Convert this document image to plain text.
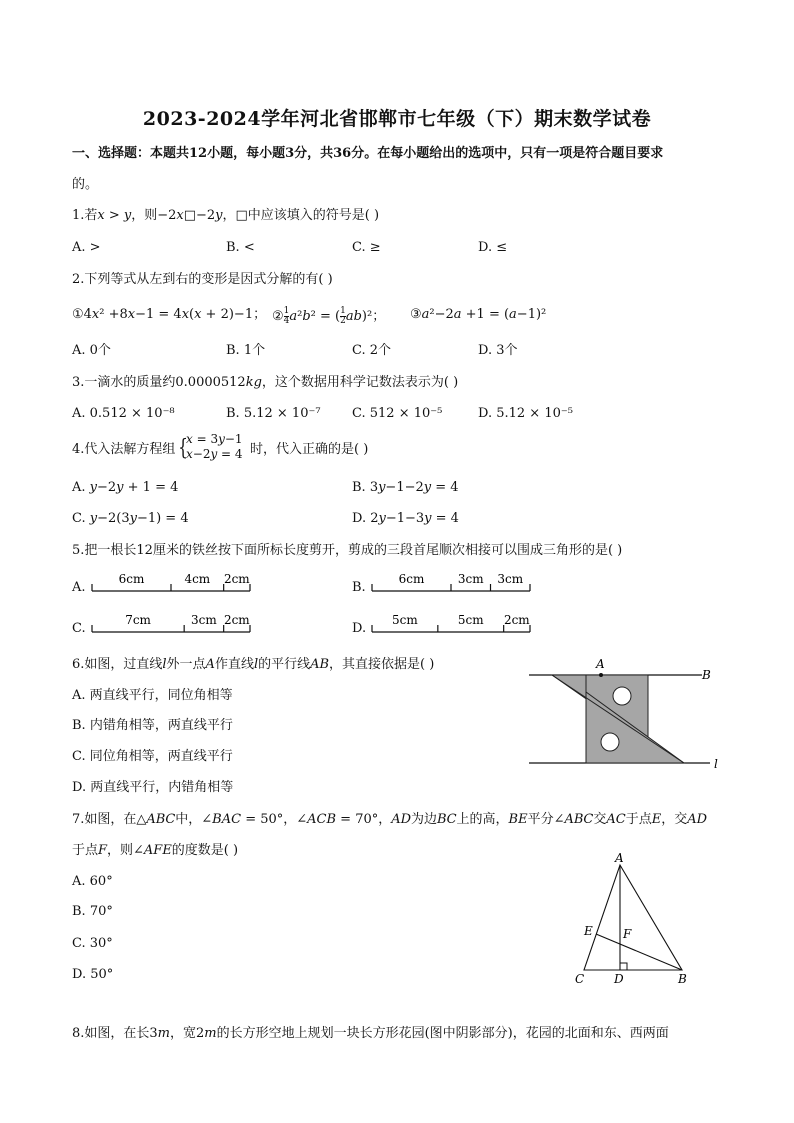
2023-2024学年河北省邯郸市七年级（下）期末数学试卷
一、选择题：本题共12小题，每小题3分，共36分。在每小题给出的选项中，只有一项是符合题目要求
的。
1.若𝑥 > 𝑦，则−2𝑥□−2𝑦，□中应该填入的符号是( )
A. >	B. <	C. ≥	D. ≤
2.下列等式从左到右的变形是因式分解的有( )
①4𝑥² +8𝑥−1 = 4𝑥(𝑥 + 2)−1； $②\frac{1}{4}$ 𝑎²𝑏² = ($\frac{1}{2}$ 𝑎𝑏)²； ③𝑎²−2𝑎 +1 = (𝑎−1)²
A. 0个	B. 1个	C. 2个	D. 3个
3.一滴水的质量约0.0000512𝑘𝑔，这个数据用科学记数法表示为( )
A. 0.512 × 10⁻⁸	B. 5.12 × 10⁻⁷ C. 512 × 10⁻⁵	D. 5.12 × 10⁻⁵
4.代入法解方程组 {
𝑥 = 3𝑦−1
𝑥−2𝑦 = 4 时，代入正确的是( )
A. 𝑦−2𝑦 + 1 = 4	B. 3𝑦−1−2𝑦 = 4
C. 𝑦−2(3𝑦−1) = 4	D. 2𝑦−1−3𝑦 = 4
5.把一根长12厘米的铁丝按下面所标长度剪开，剪成的三段首尾顺次相接可以围成三角形的是( )
A.
6cm	4cm 2cm
B.
6cm	3cm 3cm
C.
7cm	3cm 2cm
D.
5cm	5cm 2cm
6.如图，过直线𝑙外一点𝐴作直线𝑙的平行线𝐴𝐵，其直接依据是( )
A. 两直线平行，同位角相等
B. 内错角相等，两直线平行
C. 同位角相等，两直线平行
D. 两直线平行，内错角相等
A
B
l
7.如图，在△𝐴𝐵𝐶中，∠𝐵𝐴𝐶 = 50°，∠𝐴𝐶𝐵 = 70°，𝐴𝐷为边𝐵𝐶上的高，𝐵𝐸平分∠𝐴𝐵𝐶交𝐴𝐶于点𝐸，交𝐴𝐷
于点𝐹，则∠𝐴𝐹𝐸的度数是( )
A. 60°
B. 70°
C. 30°
D. 50°
A
C D	B
E	F
8.如图，在长3𝑚，宽2𝑚的长方形空地上规划一块长方形花园(图中阴影部分)，花园的北面和东、西两面
